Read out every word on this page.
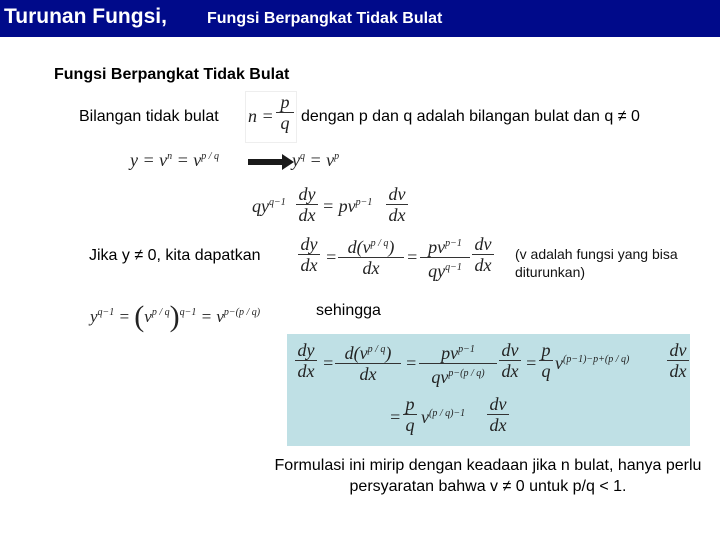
Turunan Fungsi,	Fungsi Berpangkat Tidak Bulat
Fungsi Berpangkat Tidak Bulat
Bilangan tidak bulat n =
p
q dengan p dan q adalah bilangan bulat dan q ≠ 0
$y = v^n = v^{p / q}$	$y^q = v^p$
$qy^{q-1}$ dy
dx = $pv^{p-1}$ dv
dx
Jika y ≠ 0, kita dapatkan
dy
dx = $d(v^{p / q})$
dx
= $pv^{p-1}$
$qy^{q-1}$
dv
dx
(v adalah fungsi yang bisa diturunkan)
$y^{q-1} = (v^{p / q})^{q-1} = v^{p-(p / q)}$	sehingga
dy
dx = $d(v^{p / q})$
dx
=	$pv^{p-1}$
$qv^{p-(p / q)}$
dv
dx =
p
q $v^{(p-1)-p+(p / q)}$ dv
dx
=
p
q $v^{(p / q)-1}$ dv
dx
Formulasi ini mirip dengan keadaan jika n bulat, hanya perlu persyaratan bahwa v ≠ 0 untuk p/q < 1.
